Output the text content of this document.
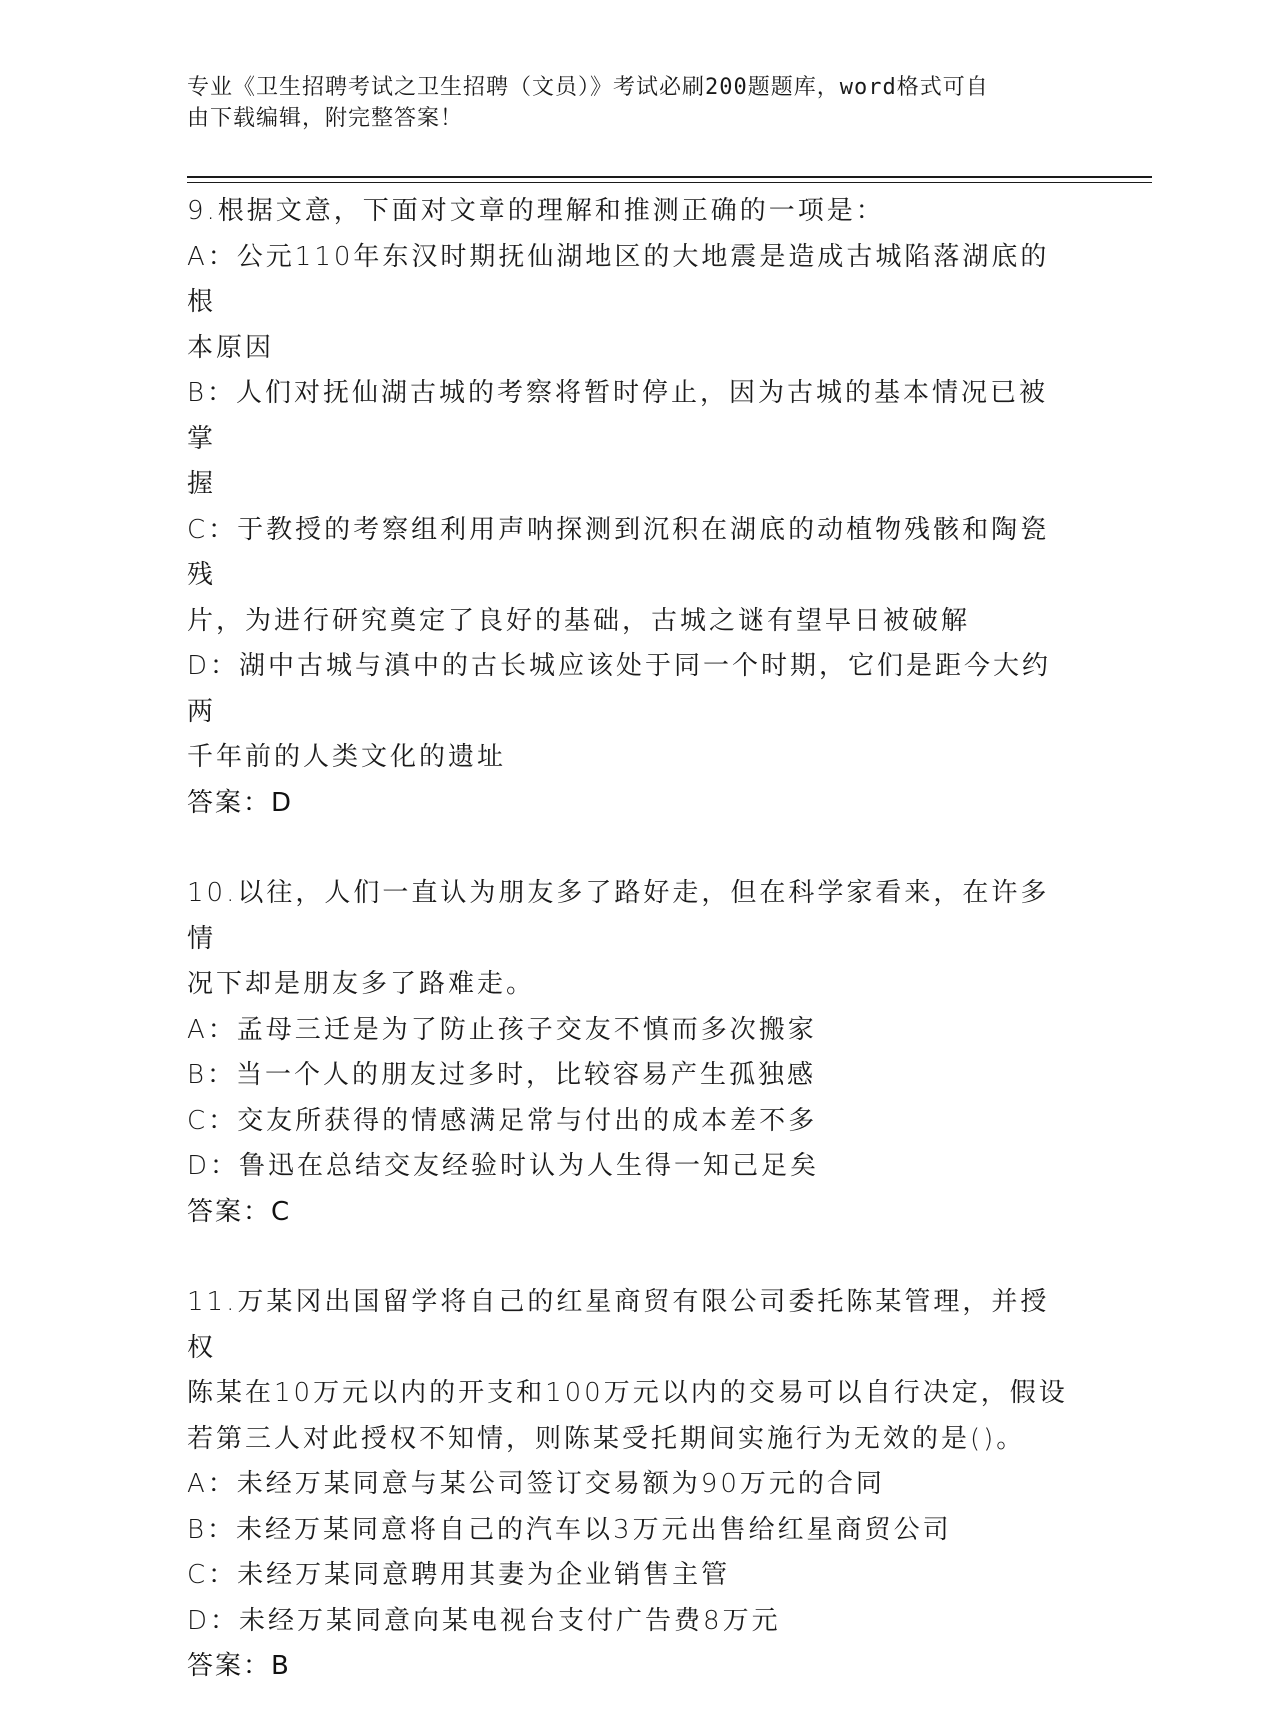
专业《卫生招聘考试之卫生招聘（文员）》考试必刷200题题库，word格式可自
由下载编辑，附完整答案！
9.根据文意，下面对文章的理解和推测正确的一项是：
A：公元110年东汉时期抚仙湖地区的大地震是造成古城陷落湖底的根
本原因
B：人们对抚仙湖古城的考察将暂时停止，因为古城的基本情况已被掌
握
C：于教授的考察组利用声呐探测到沉积在湖底的动植物残骸和陶瓷残
片，为进行研究奠定了良好的基础，古城之谜有望早日被破解
D：湖中古城与滇中的古长城应该处于同一个时期，它们是距今大约两
千年前的人类文化的遗址
答案：D
10.以往，人们一直认为朋友多了路好走，但在科学家看来，在许多情
况下却是朋友多了路难走。
A：孟母三迁是为了防止孩子交友不慎而多次搬家
B：当一个人的朋友过多时，比较容易产生孤独感
C：交友所获得的情感满足常与付出的成本差不多
D：鲁迅在总结交友经验时认为人生得一知己足矣
答案：C
11.万某冈出国留学将自己的红星商贸有限公司委托陈某管理，并授权
陈某在10万元以内的开支和100万元以内的交易可以自行决定，假设
若第三人对此授权不知情，则陈某受托期间实施行为无效的是()。
A：未经万某同意与某公司签订交易额为90万元的合同
B：未经万某同意将自己的汽车以3万元出售给红星商贸公司
C：未经万某同意聘用其妻为企业销售主管
D：未经万某同意向某电视台支付广告费8万元
答案：B
